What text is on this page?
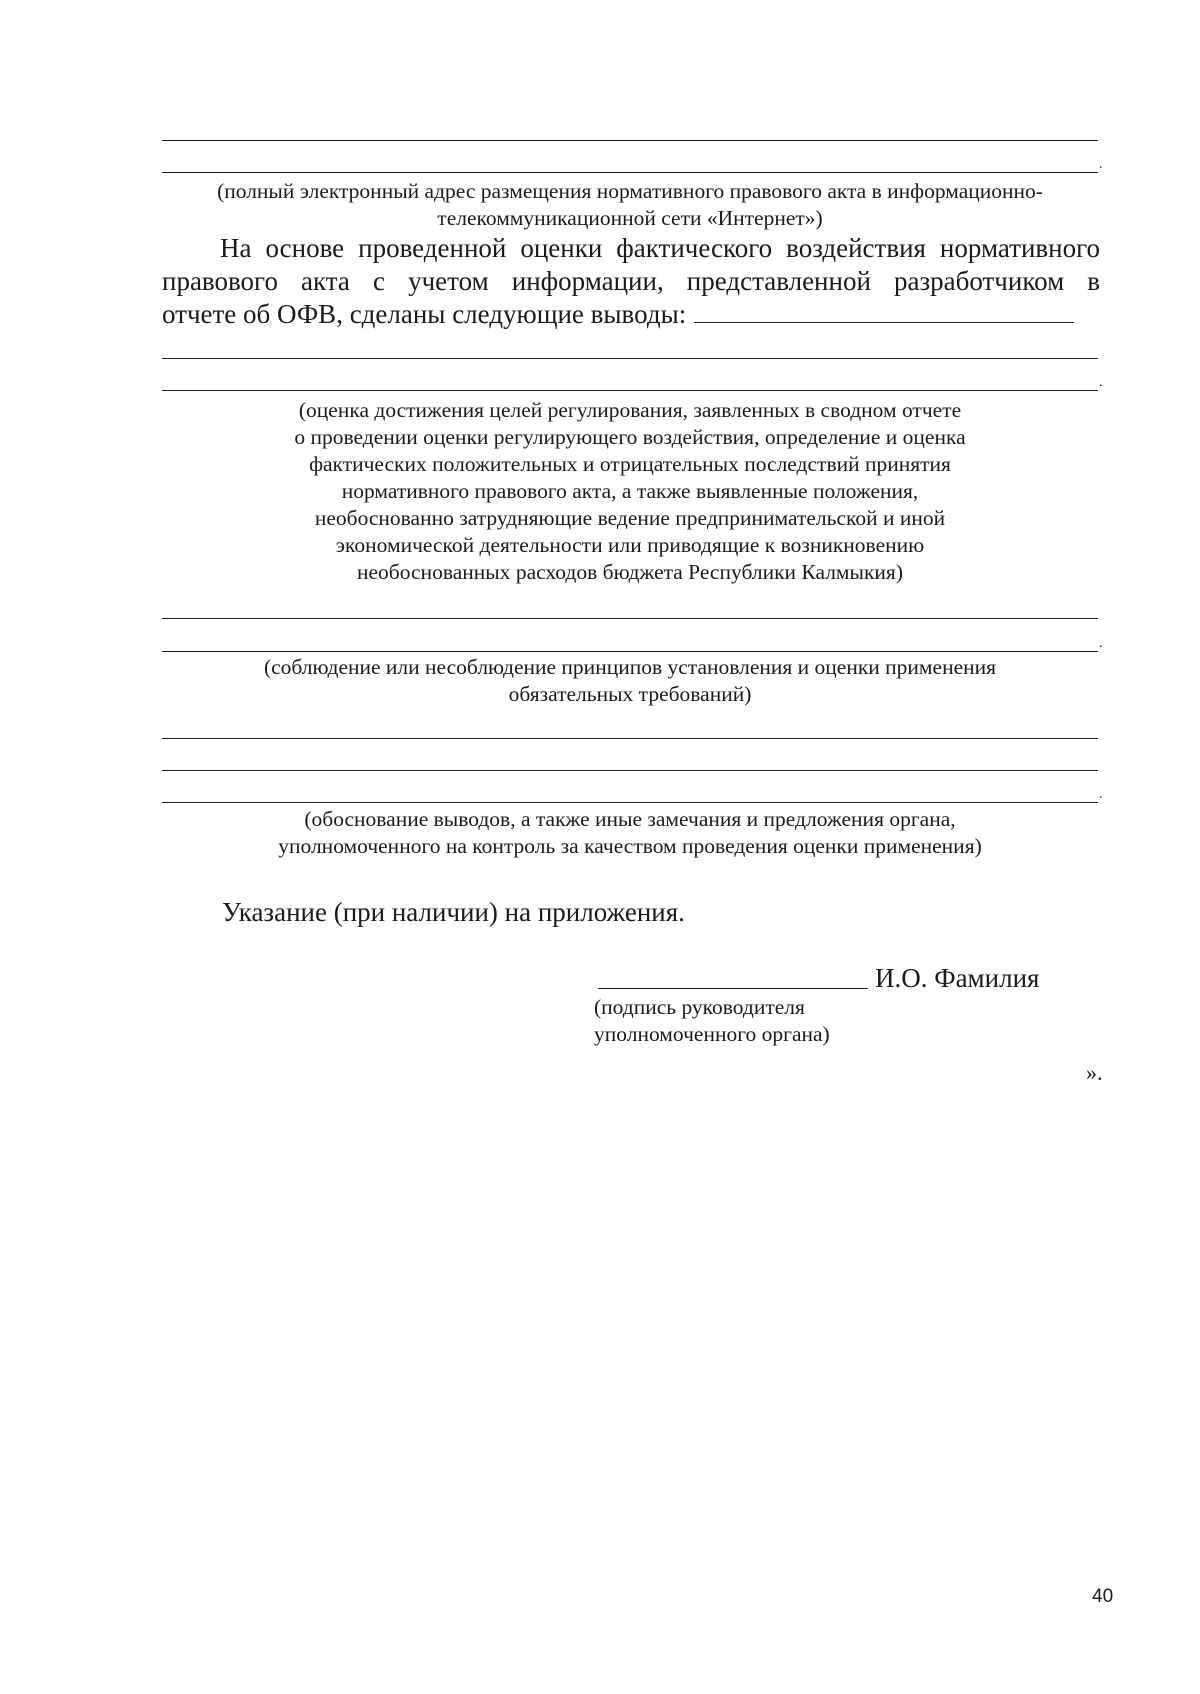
.

(полный электронный адрес размещения нормативного правового акта в информационно-
телекоммуникационной сети «Интернет»)

На основе проведенной оценки фактического воздействия нормативного
правового акта с учетом информации, представленной разработчиком в
отчете об ОФВ, сделаны следующие выводы:
.

(оценка достижения целей регулирования, заявленных в сводном отчете
о проведении оценки регулирующего воздействия, определение и оценка
фактических положительных и отрицательных последствий принятия
нормативного правового акта, а также выявленные положения,
необоснованно затрудняющие ведение предпринимательской и иной
экономической деятельности или приводящие к возникновению
необоснованных расходов бюджета Республики Калмыкия)

.

(соблюдение или несоблюдение принципов установления и оценки применения
обязательных требований)

.

(обоснование выводов, а также иные замечания и предложения органа,
уполномоченного на контроль за качеством проведения оценки применения)

Указание (при наличии) на приложения.

И.О. Фамилия

(подпись руководителя
уполномоченного органа)

».
40
